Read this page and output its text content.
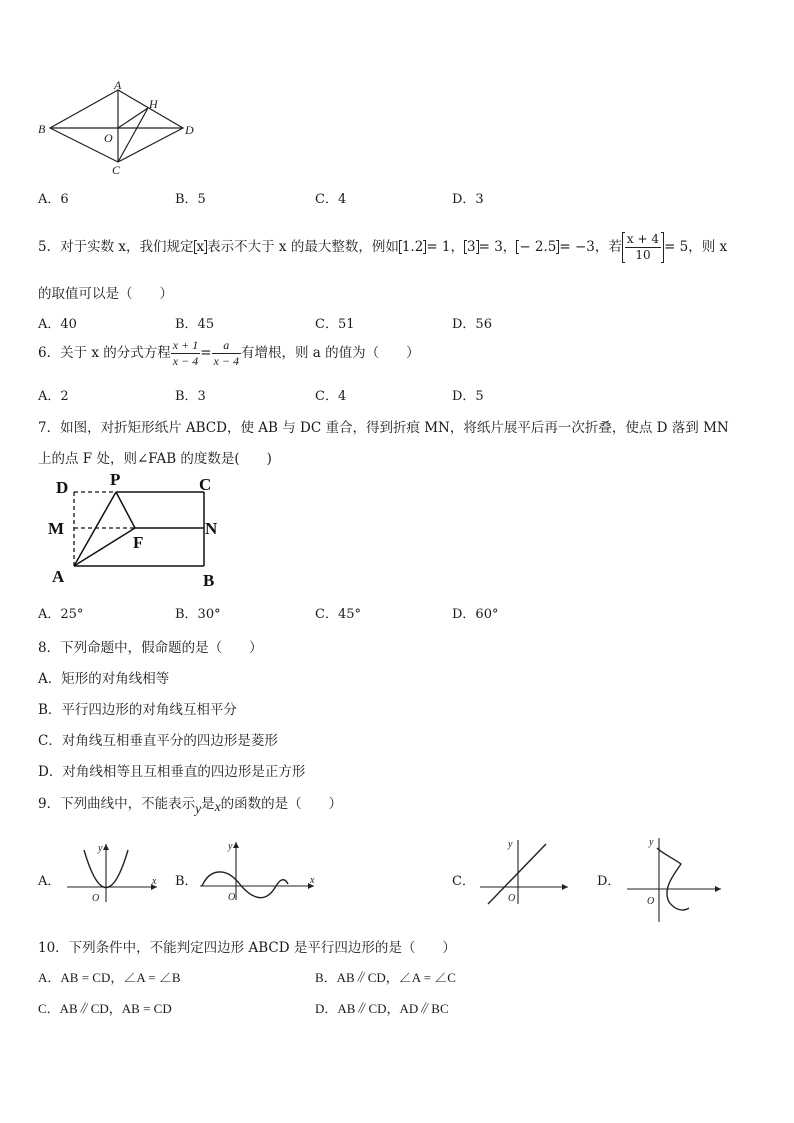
A
H
B
O
D
C
A．6	B．5	C．4	D．3
5．对于实数 x，我们规定 x 表示不大于 x 的最大整数，例如 1.2 = 1， 3 = 3， − 2.5 = −3，若 $\frac{x + 4}{10} = 5$，则 x
的取值可以是（　　）
A．40	B．45	C．51	D．56
6．关于 x 的分式方程 $\frac{x + 1}{x - 4} = \frac{a}{x - 4}$ 有增根，则 a 的值为（　　）
A．2	B．3	C．4	D．5
7．如图，对折矩形纸片 ABCD，使 AB 与 DC 重合，得到折痕 MN，将纸片展平后再一次折叠，使点 D 落到 MN
上的点 F 处，则∠FAB 的度数是(　　)
D P	C
M	N
F
A	B
A．25°	B．30°	C．45°	D．60°
8．下列命题中，假命题的是（　　）
A．矩形的对角线相等
B．平行四边形的对角线互相平分
C．对角线互相垂直平分的四边形是菱形
D．对角线相等且互相垂直的四边形是正方形
9．下列曲线中，不能表示y是x的函数的是（　　）
A．	B．	C．	D．
y
x
O
y
x
O
y
O
y
O
10．下列条件中，不能判定四边形 ABCD 是平行四边形的是（　　）
A．AB = CD，∠A = ∠B	B．AB∥CD，∠A = ∠C
C．AB∥CD，AB = CD	D．AB∥CD，AD∥BC
